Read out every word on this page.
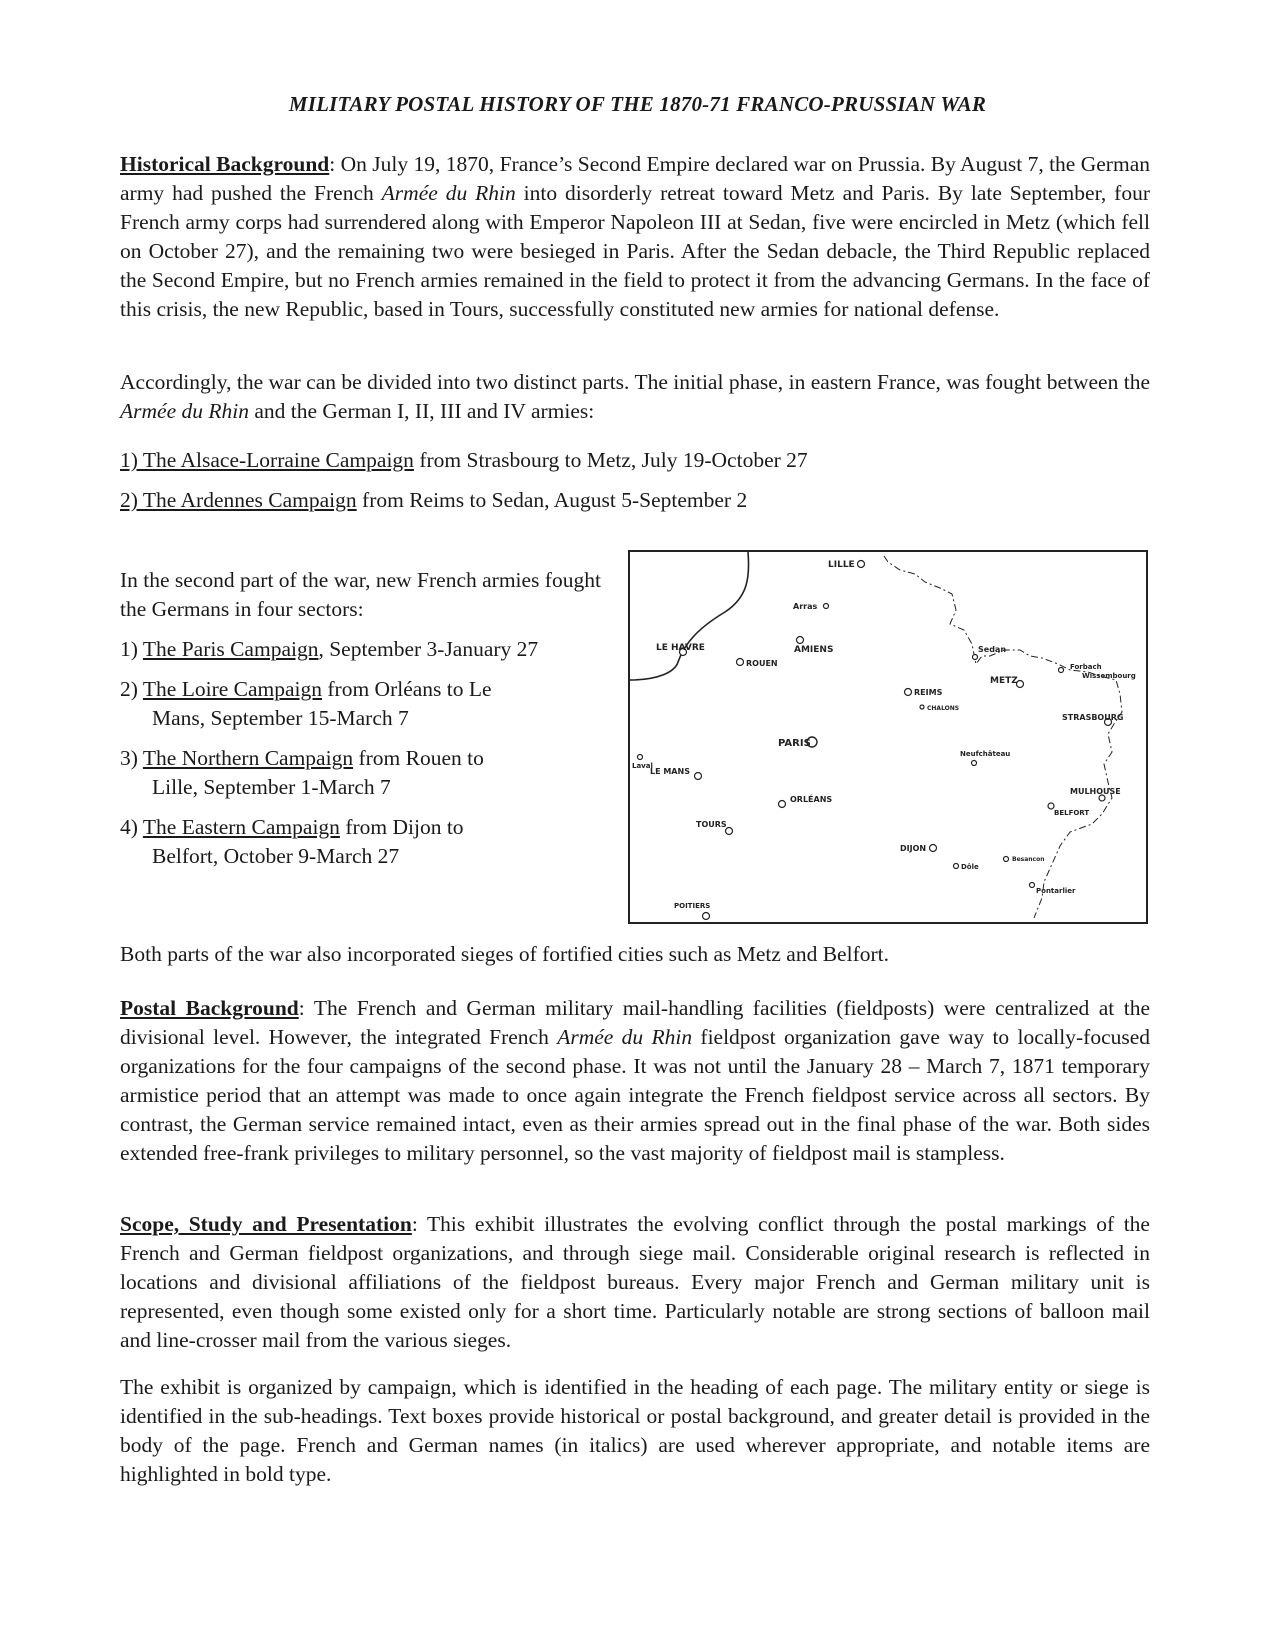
MILITARY POSTAL HISTORY OF THE 1870-71 FRANCO-PRUSSIAN WAR

Historical Background: On July 19, 1870, France’s Second Empire declared war on Prussia. By August 7, the German army had pushed the French Armée du Rhin into disorderly retreat toward Metz and Paris. By late September, four French army corps had surrendered along with Emperor Napoleon III at Sedan, five were encircled in Metz (which fell on October 27), and the remaining two were besieged in Paris. After the Sedan debacle, the Third Republic replaced the Second Empire, but no French armies remained in the field to protect it from the advancing Germans. In the face of this crisis, the new Republic, based in Tours, successfully constituted new armies for national defense.

Accordingly, the war can be divided into two distinct parts. The initial phase, in eastern France, was fought between the Armée du Rhin and the German I, II, III and IV armies:

1) The Alsace-Lorraine Campaign from Strasbourg to Metz, July 19-October 27

2) The Ardennes Campaign from Reims to Sedan, August 5-September 2

In the second part of the war, new French armies fought the Germans in four sectors:

1) The Paris Campaign, September 3-January 27

2) The Loire Campaign from Orléans to Le
Mans, September 15-March 7

3) The Northern Campaign from Rouen to
Lille, September 1-March 7

4) The Eastern Campaign from Dijon to
Belfort, October 9-March 27

LILLE
Arras
LE HAVRE	AMIENS
ROUEN
Sedan
Forbach
Wissembourg
METZ
REIMS
CHALONS
STRASBOURG
PARIS
Neufchâteau
Laval
LE MANS
MULHOUSE
ORLÉANS
BELFORT
TOURS
DIJON
Besancon
Dôle
Pontarlier
POITIERS

Both parts of the war also incorporated sieges of fortified cities such as Metz and Belfort.

Postal Background: The French and German military mail-handling facilities (fieldposts) were centralized at the divisional level. However, the integrated French Armée du Rhin fieldpost organization gave way to locally-focused organizations for the four campaigns of the second phase. It was not until the January 28 – March 7, 1871 temporary armistice period that an attempt was made to once again integrate the French fieldpost service across all sectors. By contrast, the German service remained intact, even as their armies spread out in the final phase of the war. Both sides extended free-frank privileges to military personnel, so the vast majority of fieldpost mail is stampless.

Scope, Study and Presentation: This exhibit illustrates the evolving conflict through the postal markings of the French and German fieldpost organizations, and through siege mail. Considerable original research is reflected in locations and divisional affiliations of the fieldpost bureaus. Every major French and German military unit is represented, even though some existed only for a short time. Particularly notable are strong sections of balloon mail and line-crosser mail from the various sieges.

The exhibit is organized by campaign, which is identified in the heading of each page. The military entity or siege is identified in the sub-headings. Text boxes provide historical or postal background, and greater detail is provided in the body of the page. French and German names (in italics) are used wherever appropriate, and notable items are highlighted in bold type.
